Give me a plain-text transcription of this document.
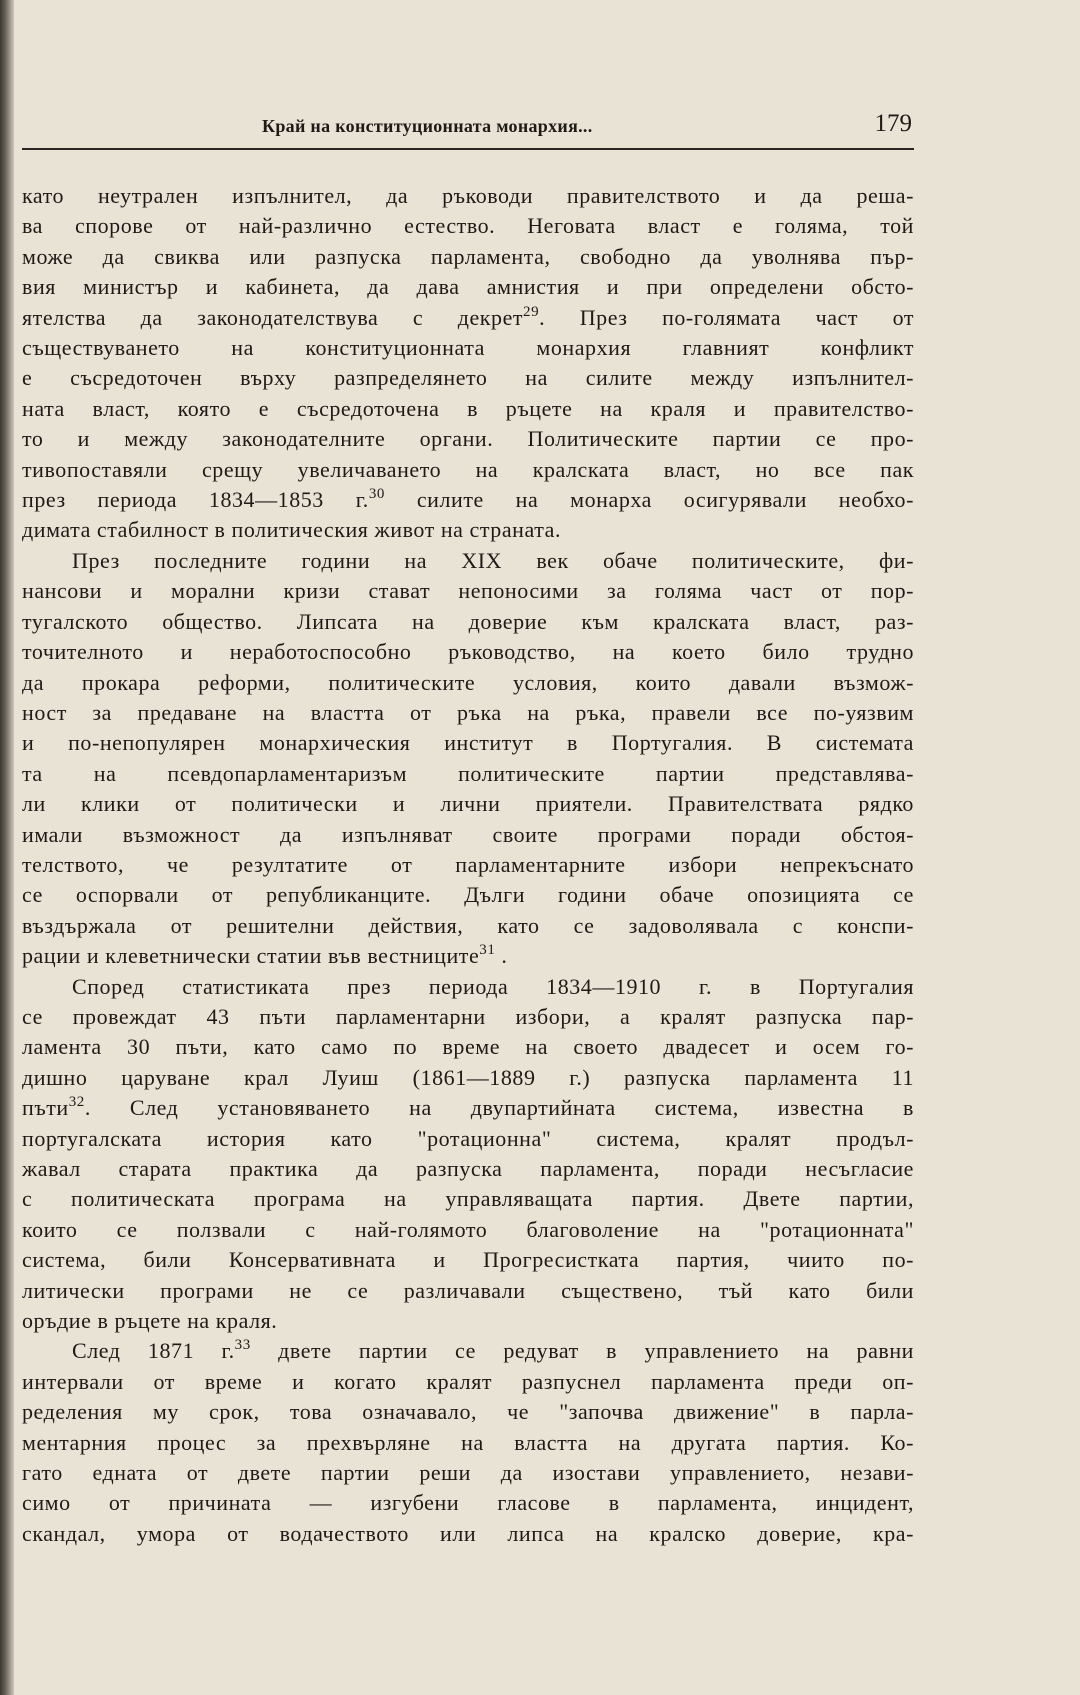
Край на конституционната монархия...	179

като неутрален изпълнител, да ръководи правителството и да реша-
ва спорове от най-различно естество. Неговата власт е голяма, той
може да свиква или разпуска парламента, свободно да уволнява пър-
вия министър и кабинета, да дава амнистия и при определени обсто-
ятелства да законодателствува с декрет$^{29}$. През по-голямата част от
съществуването на конституционната монархия главният конфликт
е съсредоточен върху разпределянето на силите между изпълнител-
ната власт, която е съсредоточена в ръцете на краля и правителство-
то и между законодателните органи. Политическите партии се про-
тивопоставяли срещу увеличаването на кралската власт, но все пак
през периода 1834—1853 г.$^{30}$ силите на монарха осигурявали необхо-
димата стабилност в политическия живот на страната.

През последните години на XIX век обаче политическите, фи-
нансови и морални кризи стават непоносими за голяма част от пор-
тугалското общество. Липсата на доверие към кралската власт, раз-
точителното и неработоспособно ръководство, на което било трудно
да прокара реформи, политическите условия, които давали възмож-
ност за предаване на властта от ръка на ръка, правели все по-уязвим
и по-непопулярен монархическия институт в Португалия. В системата
та на псевдопарламентаризъм политическите партии представлява-
ли клики от политически и лични приятели. Правителствата рядко
имали възможност да изпълняват своите програми поради обстоя-
телството, че резултатите от парламентарните избори непрекъснато
се оспорвали от републиканците. Дълги години обаче опозицията се
въздържала от решителни действия, като се задоволявала с конспи-
рации и клеветнически статии във вестниците$^{31}$ .

Според статистиката през периода 1834—1910 г. в Португалия
се провеждат 43 пъти парламентарни избори, а кралят разпуска пар-
ламента 30 пъти, като само по време на своето двадесет и осем го-
дишно царуване крал Луиш (1861—1889 г.) разпуска парламента 11
пъти$^{32}$. След установяването на двупартийната система, известна в
португалската история като "ротационна" система, кралят продъл-
жавал старата практика да разпуска парламента, поради несъгласие
с политическата програма на управляващата партия. Двете партии,
които се ползвали с най-голямото благоволение на "ротационната"
система, били Консервативната и Прогресистката партия, чиито по-
литически програми не се различавали съществено, тъй като били
оръдие в ръцете на краля.

След 1871 г.$^{33}$ двете партии се редуват в управлението на равни
интервали от време и когато кралят разпуснел парламента преди оп-
ределения му срок, това означавало, че "започва движение" в парла-
ментарния процес за прехвърляне на властта на другата партия. Ко-
гато едната от двете партии реши да изостави управлението, незави-
симо от причината — изгубени гласове в парламента, инцидент,
скандал, умора от водачеството или липса на кралско доверие, кра-
